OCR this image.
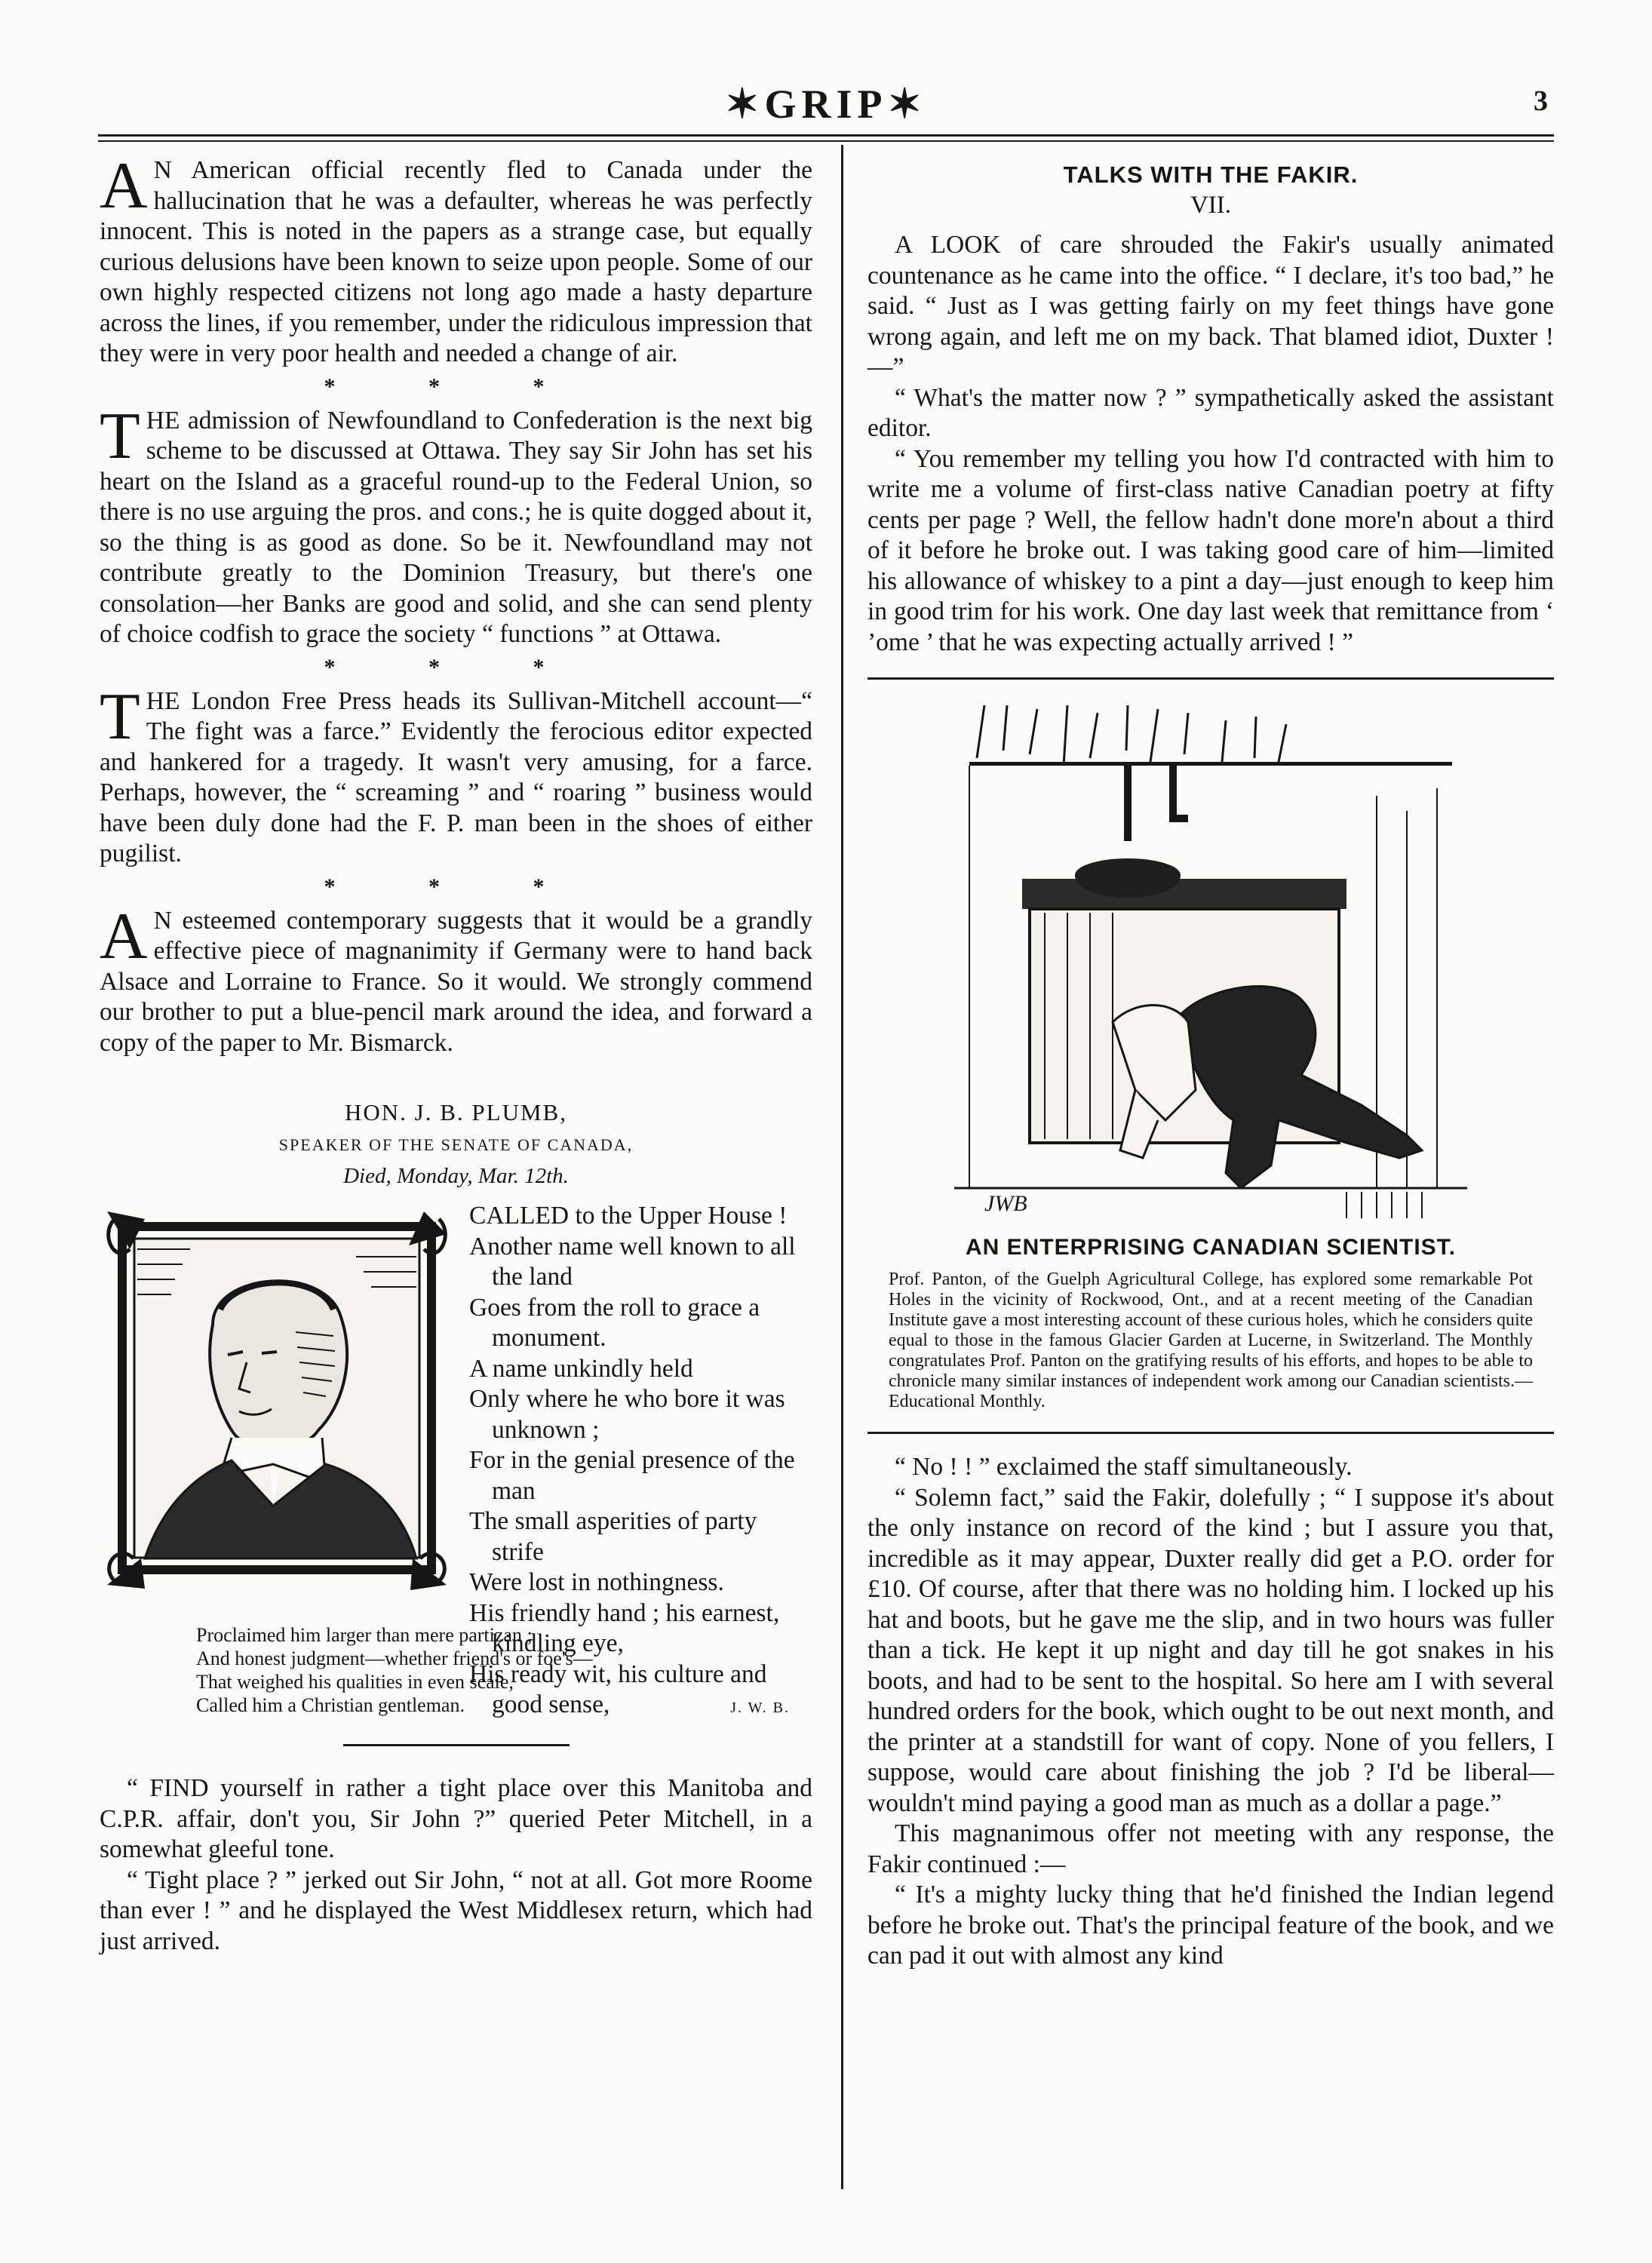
✶GRIP✶	3

A N American official recently fled to Canada under the hallucination that he was a defaulter, whereas he was perfectly innocent. This is noted in the papers as a strange case, but equally curious delusions have been known to seize upon people. Some of our own highly respected citizens not long ago made a hasty departure across the lines, if you remember, under the ridiculous impression that they were in very poor health and needed a change of air.

* * *

THE admission of Newfoundland to Confederation is the next big scheme to be discussed at Ottawa. They say Sir John has set his heart on the Island as a graceful round-up to the Federal Union, so there is no use arguing the pros. and cons.; he is quite dogged about it, so the thing is as good as done. So be it. Newfoundland may not contribute greatly to the Dominion Treasury, but there's one consolation—her Banks are good and solid, and she can send plenty of choice codfish to grace the society “ functions ” at Ottawa.

* * *

THE London Free Press heads its Sullivan-Mitchell account—“ The fight was a farce.” Evidently the ferocious editor expected and hankered for a tragedy. It wasn't very amusing, for a farce. Perhaps, however, the “ screaming ” and “ roaring ” business would have been duly done had the F. P. man been in the shoes of either pugilist.

* * *

A N esteemed contemporary suggests that it would be a grandly effective piece of magnanimity if Germany were to hand back Alsace and Lorraine to France. So it would. We strongly commend our brother to put a blue-pencil mark around the idea, and forward a copy of the paper to Mr. Bismarck.

HON. J. B. PLUMB,
SPEAKER OF THE SENATE OF CANADA,
Died, Monday, Mar. 12th.

CALLED to the Upper House !

Another name well known to all

the land

Goes from the roll to grace a

monument.

A name unkindly held

Only where he who bore it was

unknown ;

For in the genial presence of the

man

The small asperities of party

strife

Were lost in nothingness.

His friendly hand ; his earnest,

kindling eye,

His ready wit, his culture and

good sense,

Proclaimed him larger than mere partizan ;
And honest judgment—whether friend's or foe's—
That weighed his qualities in even scale,
Called him a Christian gentleman.	J. W. B.

“ FIND yourself in rather a tight place over this Manitoba and C.P.R. affair, don't you, Sir John ?” queried Peter Mitchell, in a somewhat gleeful tone.

“ Tight place ? ” jerked out Sir John, “ not at all. Got more Roome than ever ! ” and he displayed the West Middlesex return, which had just arrived.

TALKS WITH THE FAKIR.
VII.

A LOOK of care shrouded the Fakir's usually animated countenance as he came into the office. “ I declare, it's too bad,” he said. “ Just as I was getting fairly on my feet things have gone wrong again, and left me on my back. That blamed idiot, Duxter !—”

“ What's the matter now ? ” sympathetically asked the assistant editor.

“ You remember my telling you how I'd contracted with him to write me a volume of first-class native Canadian poetry at fifty cents per page ? Well, the fellow hadn't done more'n about a third of it before he broke out. I was taking good care of him—limited his allowance of whiskey to a pint a day—just enough to keep him in good trim for his work. One day last week that remittance from ‘ ’ome ’ that he was expecting actually arrived ! ”

JWB
AN ENTERPRISING CANADIAN SCIENTIST.

Prof. Panton, of the Guelph Agricultural College, has explored some remarkable Pot Holes in the vicinity of Rockwood, Ont., and at a recent meeting of the Canadian Institute gave a most interesting account of these curious holes, which he considers quite equal to those in the famous Glacier Garden at Lucerne, in Switzerland. The Monthly congratulates Prof. Panton on the gratifying results of his efforts, and hopes to be able to chronicle many similar instances of independent work among our Canadian scientists.—Educational Monthly.

“ No ! ! ” exclaimed the staff simultaneously.

“ Solemn fact,” said the Fakir, dolefully ; “ I suppose it's about the only instance on record of the kind ; but I assure you that, incredible as it may appear, Duxter really did get a P.O. order for £10. Of course, after that there was no holding him. I locked up his hat and boots, but he gave me the slip, and in two hours was fuller than a tick. He kept it up night and day till he got snakes in his boots, and had to be sent to the hospital. So here am I with several hundred orders for the book, which ought to be out next month, and the printer at a standstill for want of copy. None of you fellers, I suppose, would care about finishing the job ? I'd be liberal—wouldn't mind paying a good man as much as a dollar a page.”

This magnanimous offer not meeting with any response, the Fakir continued :—

“ It's a mighty lucky thing that he'd finished the Indian legend before he broke out. That's the principal feature of the book, and we can pad it out with almost any kind
